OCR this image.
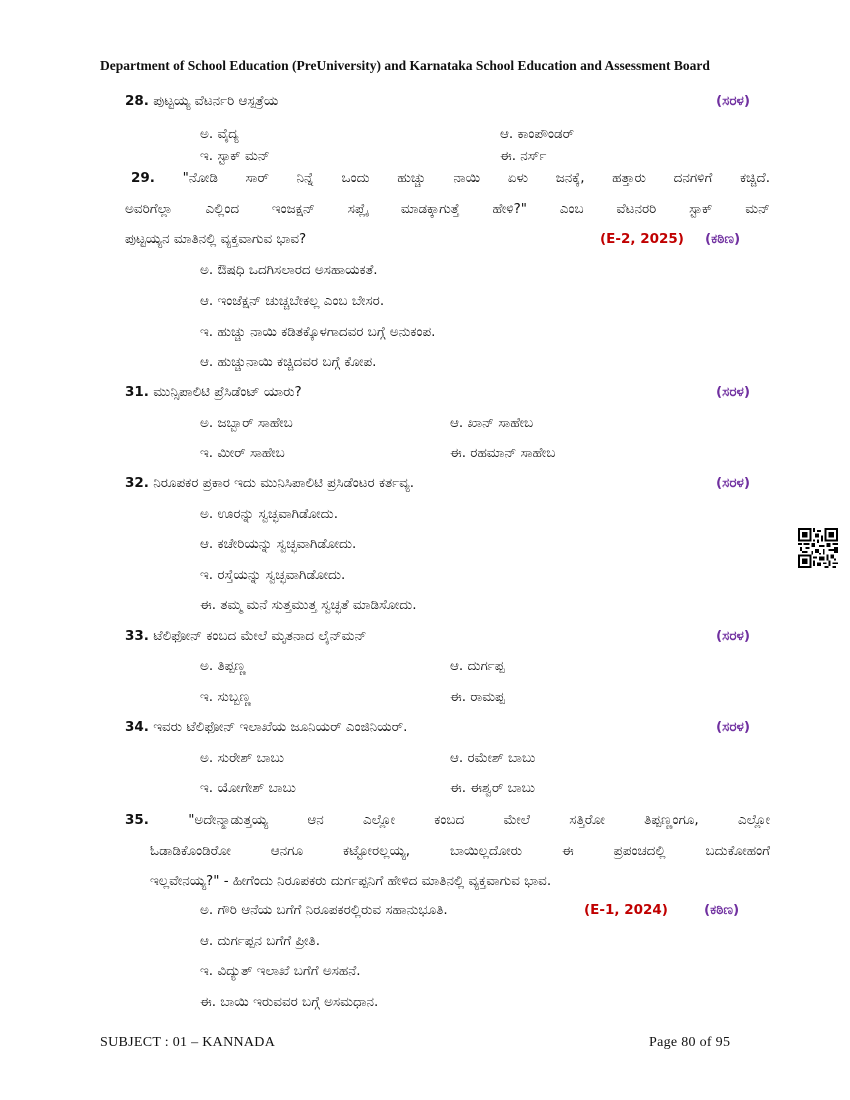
Department of School Education (PreUniversity) and Karnataka School Education and Assessment Board
28. ಪುಟ್ಟಯ್ಯ ವೆಟರ್ನರಿ ಆಸ್ಪತ್ರೆಯ	(ಸರಳ)
ಅ. ವೈದ್ಯ	ಆ. ಕಾಂಪೌಂಡರ್
ಇ. ಸ್ಟಾಕ್ ಮನ್	ಈ. ನರ್ಸ್
29. "ನೋಡಿ ಸಾರ್ ನಿನ್ನೆ ಒಂದು ಹುಚ್ಚು ನಾಯಿ ಏಳು ಜನಕ್ಕೆ, ಹತ್ತಾರು ದನಗಳಿಗೆ ಕಚ್ಚಿದೆ.
ಅವರಿಗೆಲ್ಲಾ ಎಲ್ಲಿಂದ ಇಂಜಕ್ಷನ್ ಸಪ್ಲೈ ಮಾಡಕ್ಕಾಗುತ್ತೆ ಹೇಳಿ?" ಎಂಬ ವೆಟನರರಿ ಸ್ಟಾಕ್ ಮನ್
ಪುಟ್ಟಯ್ಯನ ಮಾತಿನಲ್ಲಿ ವ್ಯಕ್ತವಾಗುವ ಭಾವ?	(E-2, 2025) (ಕಠಿಣ)
ಅ. ಔಷಧಿ ಒದಗಿಸಲಾರದ ಅಸಹಾಯಕತೆ.
ಆ. ಇಂಜೆಕ್ಷನ್ ಚುಚ್ಚಬೇಕಲ್ಲ ಎಂಬ ಬೇಸರ.
ಇ. ಹುಚ್ಚು ನಾಯಿ ಕಡಿತಕ್ಕೊಳಗಾದವರ ಬಗ್ಗೆ ಅನುಕಂಪ.
ಆ. ಹುಚ್ಚುನಾಯಿ ಕಚ್ಚಿದವರ ಬಗ್ಗೆ ಕೋಪ.
31. ಮುನ್ಸಿಪಾಲಿಟಿ ಪ್ರೆಸಿಡೆಂಟ್ ಯಾರು?	(ಸರಳ)
ಅ. ಜಬ್ಬಾರ್ ಸಾಹೇಬ	ಆ. ಖಾನ್ ಸಾಹೇಬ
ಇ. ಮೀರ್ ಸಾಹೇಬ	ಈ. ರಹಮಾನ್ ಸಾಹೇಬ
32. ನಿರೂಪಕರ ಪ್ರಕಾರ ಇದು ಮುನಿಸಿಪಾಲಿಟಿ ಪ್ರಸಿಡೆಂಟರ ಕರ್ತವ್ಯ.	(ಸರಳ)
ಅ. ಊರನ್ನು ಸ್ವಚ್ಛವಾಗಿಡೋದು.
ಆ. ಕಚೇರಿಯನ್ನು ಸ್ವಚ್ಛವಾಗಿಡೋದು.
ಇ. ರಸ್ತೆಯನ್ನು ಸ್ವಚ್ಛವಾಗಿಡೋದು.
ಈ. ತಮ್ಮ ಮನೆ ಸುತ್ತಮುತ್ತ ಸ್ವಚ್ಛತೆ ಮಾಡಿಸೋದು.
33. ಟೆಲಿಫೋನ್ ಕಂಬದ ಮೇಲೆ ಮೃತನಾದ ಲೈನ್‌ಮನ್	(ಸರಳ)
ಅ. ತಿಪ್ಪಣ್ಣ	ಆ. ದುರ್ಗಪ್ಪ
ಇ. ಸುಬ್ಬಣ್ಣ	ಈ. ರಾಮಪ್ಪ
34. ಇವರು ಟೆಲಿಫೋನ್ ಇಲಾಖೆಯ ಜೂನಿಯರ್ ಎಂಜಿನಿಯರ್.	(ಸರಳ)
ಅ. ಸುರೇಶ್ ಬಾಬು	ಆ. ರಮೇಶ್ ಬಾಬು
ಇ. ಯೋಗೇಶ್ ಬಾಬು	ಈ. ಈಶ್ವರ್ ಬಾಬು
35.	"ಅದೇನ್ಮಾಡುತ್ತಯ್ಯ ಆನ ಎಲ್ಲೋ ಕಂಬದ ಮೇಲೆ ಸತ್ತಿರೋ ತಿಪ್ಪಣ್ಣಂಗೂ, ಎಲ್ಲೋ
ಓಡಾಡಿಕೊಂಡಿರೋ ಆನಗೂ ಕಟ್ಟೋರಲ್ಲಯ್ಯ, ಬಾಯಿಲ್ಲದೋರು ಈ ಪ್ರಪಂಚದಲ್ಲಿ ಬದುಕೋಹಂಗೆ
ಇಲ್ಲವೇನಯ್ಯ?" - ಹೀಗೆಂದು ನಿರೂಪಕರು ದುರ್ಗಪ್ಪನಿಗೆ ಹೇಳಿದ ಮಾತಿನಲ್ಲಿ ವ್ಯಕ್ತವಾಗುವ ಭಾವ.
ಅ. ಗೌರಿ ಆನೆಯ ಬಗೆಗೆ ನಿರೂಪಕರಲ್ಲಿರುವ ಸಹಾನುಭೂತಿ.	(E-1, 2024)	(ಕಠಿಣ)
ಆ. ದುರ್ಗಪ್ಪನ ಬಗೆಗೆ ಪ್ರೀತಿ.
ಇ. ವಿದ್ಯುತ್ ಇಲಾಖೆ ಬಗೆಗೆ ಅಸಹನೆ.
ಈ. ಬಾಯಿ ಇರುವವರ ಬಗ್ಗೆ ಅಸಮಧಾನ.
SUBJECT : 01 – KANNADA	Page 80 of 95
